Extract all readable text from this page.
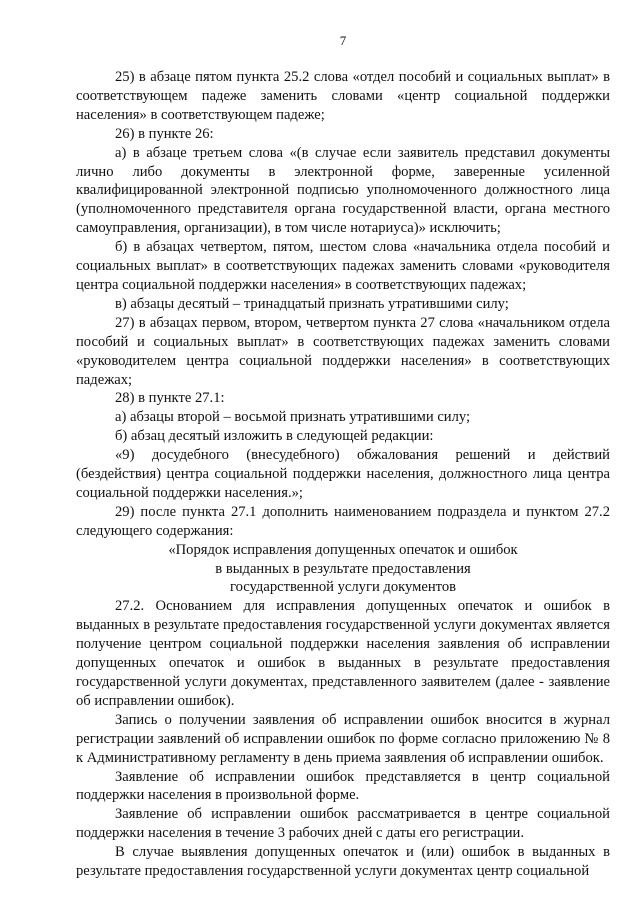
7

25) в абзаце пятом пункта 25.2 слова «отдел пособий и социальных выплат» в соответствующем падеже заменить словами «центр социальной поддержки населения» в соответствующем падеже;

26) в пункте 26:

а) в абзаце третьем слова «(в случае если заявитель представил документы лично либо документы в электронной форме, заверенные усиленной квалифицированной электронной подписью уполномоченного должностного лица (уполномоченного представителя органа государственной власти, органа местного самоуправления, организации), в том числе нотариуса)» исключить;

б) в абзацах четвертом, пятом, шестом слова «начальника отдела пособий и социальных выплат» в соответствующих падежах заменить словами «руководителя центра социальной поддержки населения» в соответствующих падежах;

в) абзацы десятый – тринадцатый признать утратившими силу;

27) в абзацах первом, втором, четвертом пункта 27 слова «начальником отдела пособий и социальных выплат» в соответствующих падежах заменить словами «руководителем центра социальной поддержки населения» в соответствующих падежах;

28) в пункте 27.1:

а) абзацы второй – восьмой признать утратившими силу;

б) абзац десятый изложить в следующей редакции:

«9) досудебного (внесудебного) обжалования решений и действий (бездействия) центра социальной поддержки населения, должностного лица центра социальной поддержки населения.»;

29) после пункта 27.1 дополнить наименованием подраздела и пунктом 27.2 следующего содержания:

«Порядок исправления допущенных опечаток и ошибок
в выданных в результате предоставления
государственной услуги документов

27.2. Основанием для исправления допущенных опечаток и ошибок в выданных в результате предоставления государственной услуги документах является получение центром социальной поддержки населения заявления об исправлении допущенных опечаток и ошибок в выданных в результате предоставления государственной услуги документах, представленного заявителем (далее - заявление об исправлении ошибок).

Запись о получении заявления об исправлении ошибок вносится в журнал регистрации заявлений об исправлении ошибок по форме согласно приложению № 8 к Административному регламенту в день приема заявления об исправлении ошибок.

Заявление об исправлении ошибок представляется в центр социальной поддержки населения в произвольной форме.

Заявление об исправлении ошибок рассматривается в центре социальной поддержки населения в течение 3 рабочих дней с даты его регистрации.

В случае выявления допущенных опечаток и (или) ошибок в выданных в результате предоставления государственной услуги документах центр социальной
